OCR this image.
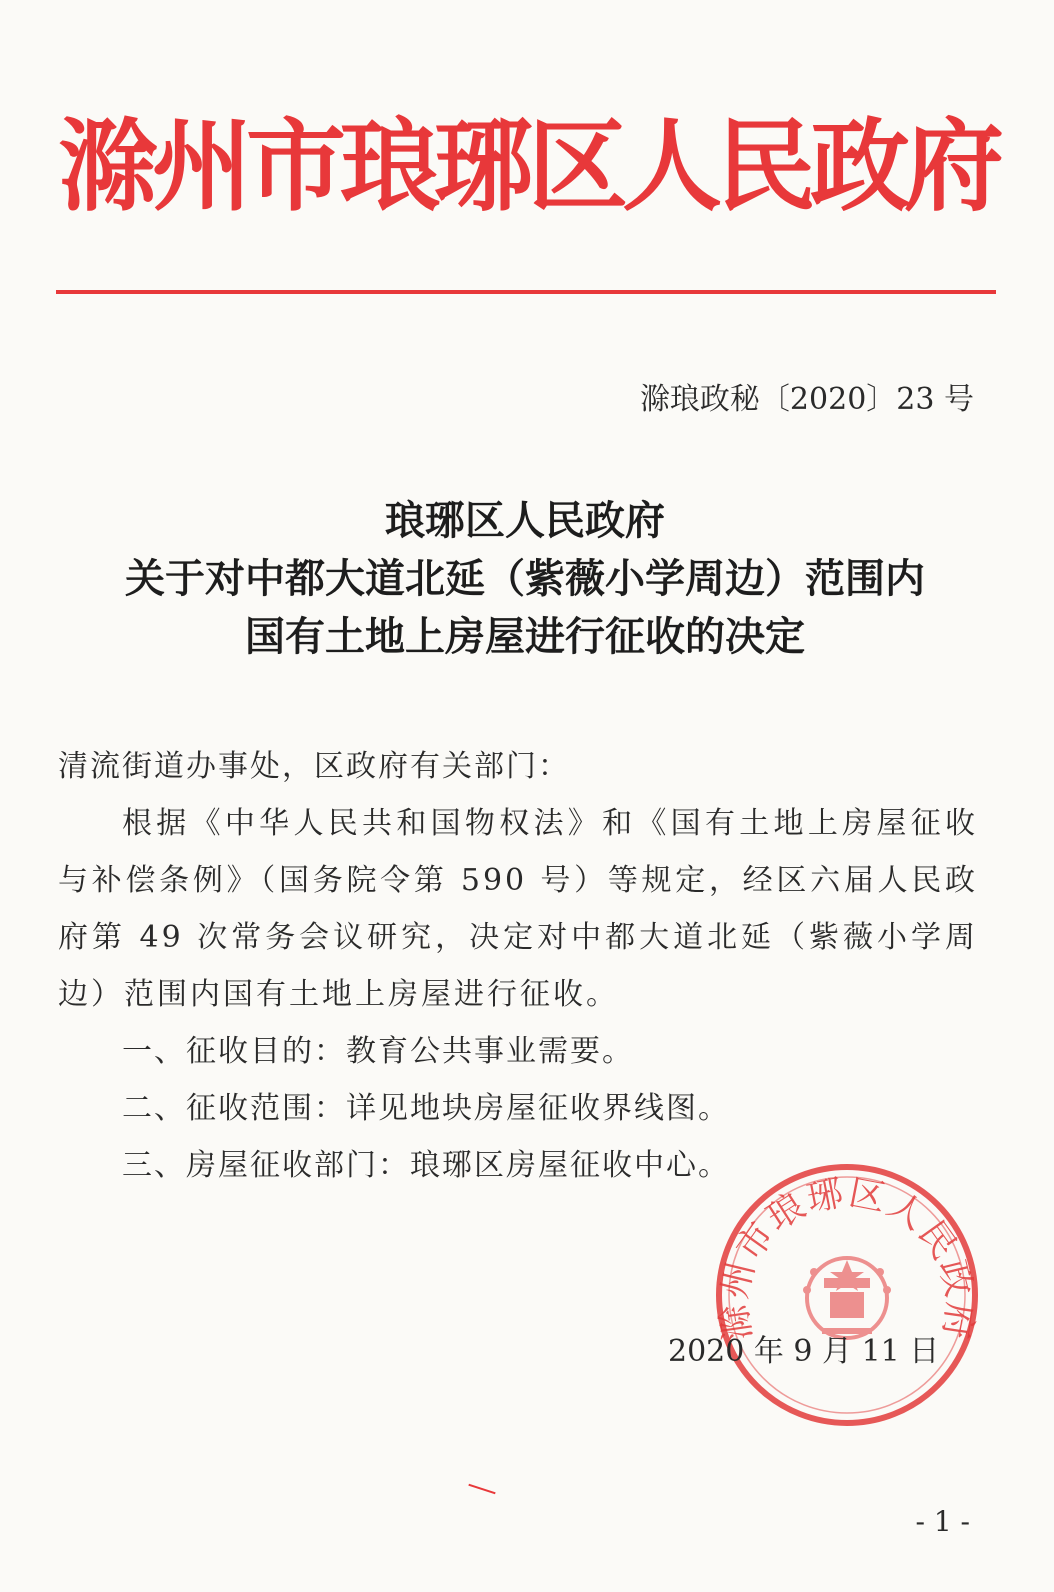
滁州市琅琊区人民政府
滁琅政秘〔2020〕23 号
琅琊区人民政府
关于对中都大道北延（紫薇小学周边）范围内
国有土地上房屋进行征收的决定

清流街道办事处，区政府有关部门：

根据《中华人民共和国物权法》和《国有土地上房屋征收与补偿条例》（国务院令第 590 号）等规定，经区六届人民政府第 49 次常务会议研究，决定对中都大道北延（紫薇小学周边）范围内国有土地上房屋进行征收。

一、征收目的：教育公共事业需要。

二、征收范围：详见地块房屋征收界线图。

三、房屋征收部门：琅琊区房屋征收中心。

滁州市琅琊区人民政府
2020 年 9 月 11 日
- 1 -
